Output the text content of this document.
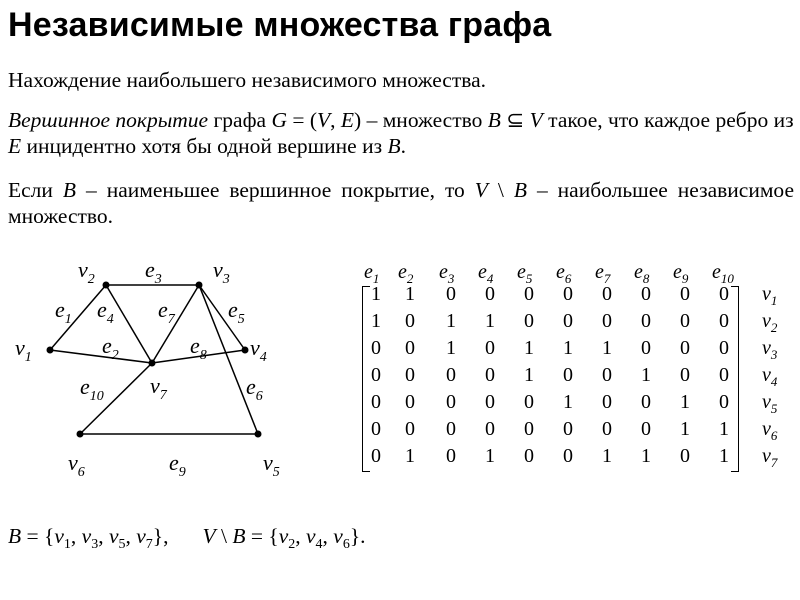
Независимые множества графа
Нахождение наибольшего независимого множества.
Вершинное покрытие графа G = (V, E) – множество B ⊆ V такое, что каждое ребро из E инцидентно хотя бы одной вершине из B.
Если B – наименьшее вершинное покрытие, то V \ B – наибольшее независимое множество.
$v_2$	$v_3$
$v_1$	$v_4$
$v_7$
$v_6$	$v_5$
$e_1$
$e_2$
$e_3$
$e_4$	$e_5$
$e_6$
$e_7$
$e_8$
$e_9$
$e_{10}$
$e_1$ $e_2$ $e_3$ $e_4$ $e_5$ $e_6$ $e_7$ $e_8$ $e_9$ $e_{10}$
1 1 0 0 0 0 0 0 0 0 $v_1$
1 0 1 1 0 0 0 0 0 0 $v_2$
0 0 1 0 1 1 1 0 0 0 $v_3$
0 0 0 0 1 0 0 1 0 0 $v_4$
0 0 0 0 0 1 0 0 1 0 $v_5$
0 0 0 0 0 0 0 0 1 1 $v_6$
0 1 0 1 0 0 1 1 0 1 $v_7$
$B = \{v_1$, $v_3$, $v_5$, $v_7$}, V \ $B = \{v_2$, $v_4$, $v_6$}.
